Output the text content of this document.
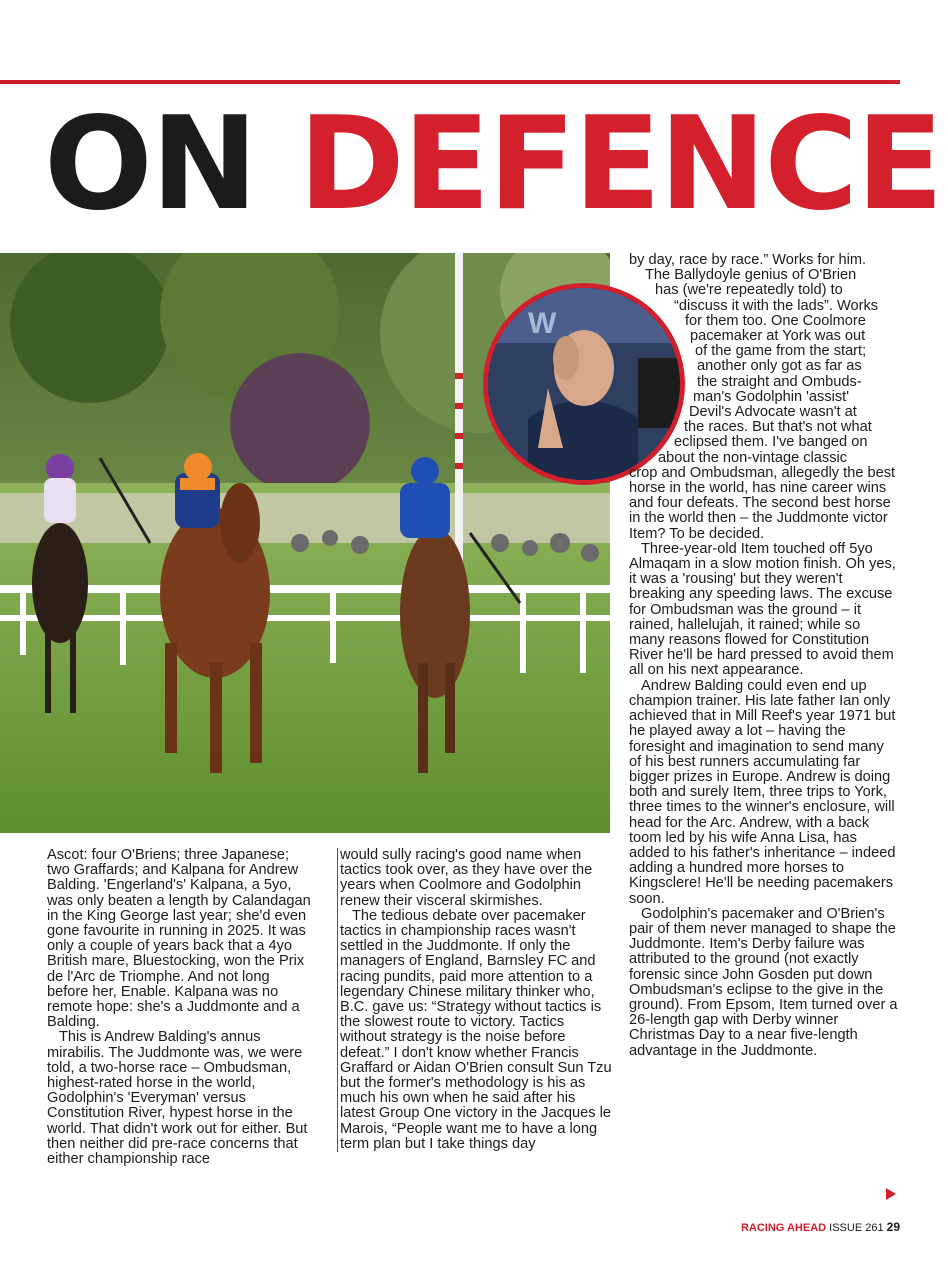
ON DEFENCE
W

Ascot: four O'Briens; three Japanese; two Graffards; and Kalpana for Andrew Balding. 'Engerland's' Kalpana, a 5yo, was only beaten a length by Calandagan in the King George last year; she'd even gone favourite in running in 2025. It was only a couple of years back that a 4yo British mare, Bluestocking, won the Prix de l'Arc de Triomphe. And not long before her, Enable. Kalpana was no remote hope: she's a Juddmonte and a Balding.

This is Andrew Balding's annus mirabilis. The Juddmonte was, we were told, a two-horse race – Ombudsman, highest-rated horse in the world, Godolphin's 'Everyman' versus Constitution River, hypest horse in the world. That didn't work out for either. But then neither did pre-race concerns that either championship race

would sully racing's good name when tactics took over, as they have over the years when Coolmore and Godolphin renew their visceral skirmishes.

The tedious debate over pacemaker tactics in championship races wasn't settled in the Juddmonte. If only the managers of England, Barnsley FC and racing pundits, paid more attention to a legendary Chinese military thinker who, B.C. gave us: “Strategy without tactics is the slowest route to victory. Tactics without strategy is the noise before defeat.” I don't know whether Francis Graffard or Aidan O'Brien consult Sun Tzu but the former's methodology is his as much his own when he said after his latest Group One victory in the Jacques le Marois, “People want me to have a long term plan but I take things day

by day, race by race.” Works for him.
The Ballydoyle genius of O'Brien
has (we're repeatedly told) to
“discuss it with the lads”. Works
for them too. One Coolmore
pacemaker at York was out
of the game from the start;
another only got as far as
the straight and Ombuds-
man's Godolphin 'assist'
Devil's Advocate wasn't at
the races. But that's not what
eclipsed them. I've banged on
about the non-vintage classic

crop and Ombudsman, allegedly the best horse in the world, has nine career wins and four defeats. The second best horse in the world then – the Juddmonte victor Item? To be decided.

Three-year-old Item touched off 5yo Almaqam in a slow motion finish. Oh yes, it was a 'rousing' but they weren't breaking any speeding laws. The excuse for Ombudsman was the ground – it rained, hallelujah, it rained; while so many reasons flowed for Constitution River he'll be hard pressed to avoid them all on his next appearance.

Andrew Balding could even end up champion trainer. His late father Ian only achieved that in Mill Reef's year 1971 but he played away a lot – having the foresight and imagination to send many of his best runners accumulating far bigger prizes in Europe. Andrew is doing both and surely Item, three trips to York, three times to the winner's enclosure, will head for the Arc. Andrew, with a back toom led by his wife Anna Lisa, has added to his father's inheritance – indeed adding a hundred more horses to Kingsclere! He'll be needing pacemakers soon.

Godolphin's pacemaker and O'Brien's pair of them never managed to shape the Juddmonte. Item's Derby failure was attributed to the ground (not exactly forensic since John Gosden put down Ombudsman's eclipse to the give in the ground). From Epsom, Item turned over a 26-length gap with Derby winner Christmas Day to a near five-length advantage in the Juddmonte.

RACING AHEAD ISSUE 261 29
